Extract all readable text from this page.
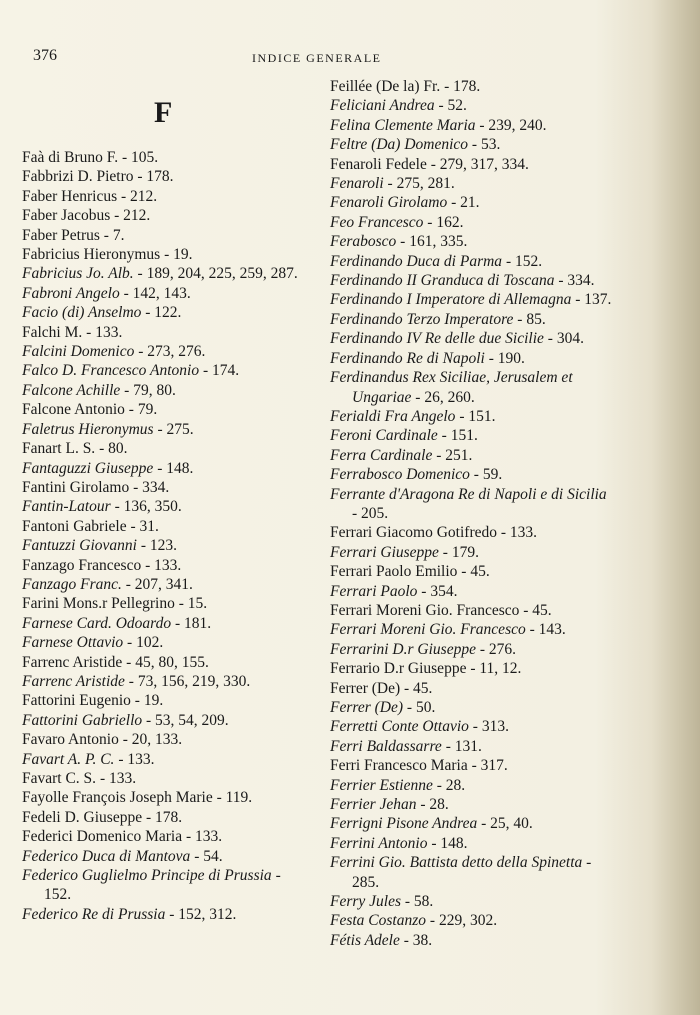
376	INDICE GENERALE
F
Faà di Bruno F. - 105.
Fabbrizi D. Pietro - 178.
Faber Henricus - 212.
Faber Jacobus - 212.
Faber Petrus - 7.
Fabricius Hieronymus - 19.
Fabricius Jo. Alb. - 189, 204, 225, 259, 287.
Fabroni Angelo - 142, 143.
Facio (di) Anselmo - 122.
Falchi M. - 133.
Falcini Domenico - 273, 276.
Falco D. Francesco Antonio - 174.
Falcone Achille - 79, 80.
Falcone Antonio - 79.
Faletrus Hieronymus - 275.
Fanart L. S. - 80.
Fantaguzzi Giuseppe - 148.
Fantini Girolamo - 334.
Fantin-Latour - 136, 350.
Fantoni Gabriele - 31.
Fantuzzi Giovanni - 123.
Fanzago Francesco - 133.
Fanzago Franc. - 207, 341.
Farini Mons.r Pellegrino - 15.
Farnese Card. Odoardo - 181.
Farnese Ottavio - 102.
Farrenc Aristide - 45, 80, 155.
Farrenc Aristide - 73, 156, 219, 330.
Fattorini Eugenio - 19.
Fattorini Gabriello - 53, 54, 209.
Favaro Antonio - 20, 133.
Favart A. P. C. - 133.
Favart C. S. - 133.
Fayolle François Joseph Marie - 119.
Fedeli D. Giuseppe - 178.
Federici Domenico Maria - 133.
Federico Duca di Mantova - 54.
Federico Guglielmo Principe di Prussia - 152.
Federico Re di Prussia - 152, 312.
Feillée (De la) Fr. - 178.
Feliciani Andrea - 52.
Felina Clemente Maria - 239, 240.
Feltre (Da) Domenico - 53.
Fenaroli Fedele - 279, 317, 334.
Fenaroli - 275, 281.
Fenaroli Girolamo - 21.
Feo Francesco - 162.
Ferabosco - 161, 335.
Ferdinando Duca di Parma - 152.
Ferdinando II Granduca di Toscana - 334.
Ferdinando I Imperatore di Allemagna - 137.
Ferdinando Terzo Imperatore - 85.
Ferdinando IV Re delle due Sicilie - 304.
Ferdinando Re di Napoli - 190.
Ferdinandus Rex Siciliae, Jerusalem et Ungariae - 26, 260.
Ferialdi Fra Angelo - 151.
Feroni Cardinale - 151.
Ferra Cardinale - 251.
Ferrabosco Domenico - 59.
Ferrante d'Aragona Re di Napoli e di Sicilia - 205.
Ferrari Giacomo Gotifredo - 133.
Ferrari Giuseppe - 179.
Ferrari Paolo Emilio - 45.
Ferrari Paolo - 354.
Ferrari Moreni Gio. Francesco - 45.
Ferrari Moreni Gio. Francesco - 143.
Ferrarini D.r Giuseppe - 276.
Ferrario D.r Giuseppe - 11, 12.
Ferrer (De) - 45.
Ferrer (De) - 50.
Ferretti Conte Ottavio - 313.
Ferri Baldassarre - 131.
Ferri Francesco Maria - 317.
Ferrier Estienne - 28.
Ferrier Jehan - 28.
Ferrigni Pisone Andrea - 25, 40.
Ferrini Antonio - 148.
Ferrini Gio. Battista detto della Spinetta - 285.
Ferry Jules - 58.
Festa Costanzo - 229, 302.
Fétis Adele - 38.
